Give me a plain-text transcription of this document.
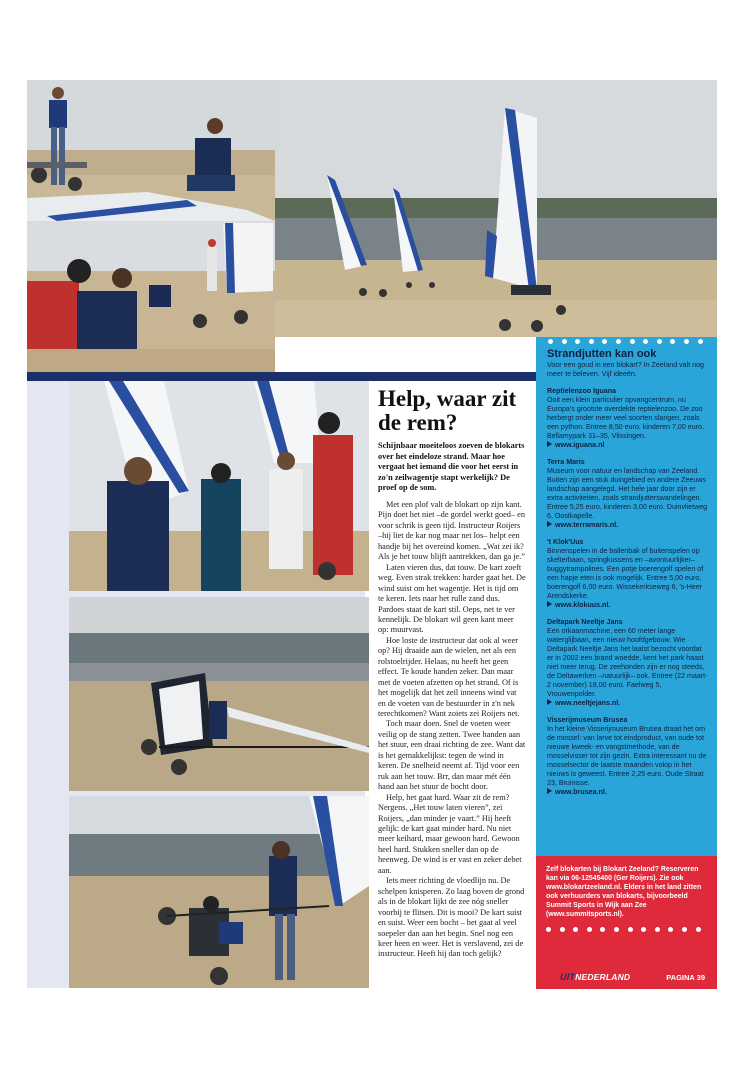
Help, waar zit de rem?

Schijnbaar moeiteloos zoeven de blokarts over het eindeloze strand. Maar hoe vergaat het iemand die voor het eerst in zo'n zeilwagentje stapt werkelijk? De proef op de som.

Met een plof valt de blokart op zijn kant. Pijn doet het niet –de gordel werkt goed– en voor schrik is geen tijd. Instructeur Roijers –hij liet de kar nog maar net los– helpt een handje bij het overeind komen. „Wat zei ik? Als je het touw blijft aantrekken, dan ga je.”

Laten vieren dus, dat touw. De kart zoeft weg. Even strak trekken: harder gaat het. De wind suist om het wagentje. Het is tijd om te keren. Iets naar het rulle zand dus. Pardoes staat de kart stil. Oeps, net te ver kennelijk. De blokart wil geen kant meer op: muurvast.

Hoe loste de instructeur dat ook al weer op? Hij draaide aan de wielen, net als een rolstoelrijder. Helaas, nu heeft het geen effect. Te koude handen zeker. Dan maar met de voeten afzetten op het strand. Of is het mogelijk dat het zeil inneens wind vat en de voeten van de bestuurder in z'n nek terechtkomen? Want zoiets zei Roijers net.

Toch maar doen. Snel de voeten weer veilig op de stang zetten. Twee handen aan het stuur, een draai richting de zee. Want dat is het gemakkelijkst: tegen de wind in keren. De snelheid neemt af. Tijd voor een ruk aan het touw. Brr, dan maar mét één hand aan het stuur de bocht door.

Help, het gaat hard. Waar zit de rem? Nergens. „Het touw laten vieren”, zei Roijers, „dan minder je vaart.” Hij heeft gelijk: de kart gaat minder hard. Nu niet meer keihard, maar gewoon hard. Gewoon heel hard. Stukken sneller dan op de heenweg. De wind is er vast en zeker debet aan.

Iets meer richting de vloedlijn nu. De schelpen knisperen. Zo laag boven de grond als in de blokart lijkt de zee nóg sneller voorbij te flitsen. Dit is mooi? De kart suist en suist. Weer een bocht – het gaat al veel soepeler dan aan het begin. Snel nog een keer heen en weer. Het is verslavend, zei de instructeur. Heeft hij dan toch gelijk?

Strandjutten kan ook
Voor een goud in een blokart? In Zeeland valt nog meer te beleven. Vijf ideeën.
Reptielenzoo Iguana
Ooit een klein particulier opvangcentrum, nu Europa's grootste overdekte reptielenzoo. De zoo herbergt onder meer veel soorten slangen, zoals een python. Entree 8,50 euro, kinderen 7,00 euro. Bellamypark 31–35, Vlissingen.
www.iguana.nl
Terra Maris
Museum voor natuur en landschap van Zeeland. Buiten zijn een stuk duingebied en andere Zeeuws landschap aangelegd. Het hele jaar door zijn er extra activiteiten, zoals strandjutterswandelingen. Entree 5,25 euro, kinderen 3,00 euro. Duinvlietweg 6, Oostkapelle.
www.terramaris.nl.
't Klok'Uus
Binnenspelen in de ballenbak of buitenspelen op skelterbaan, springkussens en –avontuurlijker– buggytrampolines. Een potje boerengolf spelen of een hapje eten is ook mogelijk. Entree 5,00 euro, boerengolf 6,00 euro. Wissekerkseweg 6, 's-Heer Arendskerke.
www.klokuus.nl.
Deltapark Neeltje Jans
Een orkaanmachine, een 60 meter lange waterglijbaan, een nieuw hoofdgebouw. Wie Deltapark Neeltje Jans het laatst bezocht voordat er in 2002 een brand woedde, kent het park haast niet meer terug. De zeehonden zijn er nog steeds, de Deltawerken –natuurlijk– ook. Entree (22 maart-2 november) 18,00 euro. Faelweg 5, Vrouwenpolder.
www.neeltjejans.nl.
Visserijmuseum Brusea
In het kleine Visserijmuseum Brusea draait het om de mossel: van larve tot eindproduct, van oude tot nieuwe kweek- en vangstmethode, van de mosselvisser tot zijn gezin. Extra interessant nu de mosselsector de laatste maanden volop in het nieuws is geweest. Entree 2,25 euro. Oude Straat 23, Bruinisse.
www.brusea.nl.
Zelf blokarten bij Blokart Zeeland? Reserveren kan via 06-12545400 (Ger Roijers). Zie ook www.blokartzeeland.nl. Elders in het land zitten ook verhuurders van blokarts, bijvoorbeeld Summit Sports in Wijk aan Zee (www.summitsports.nl).
UITNEDERLAND	PAGINA 39
